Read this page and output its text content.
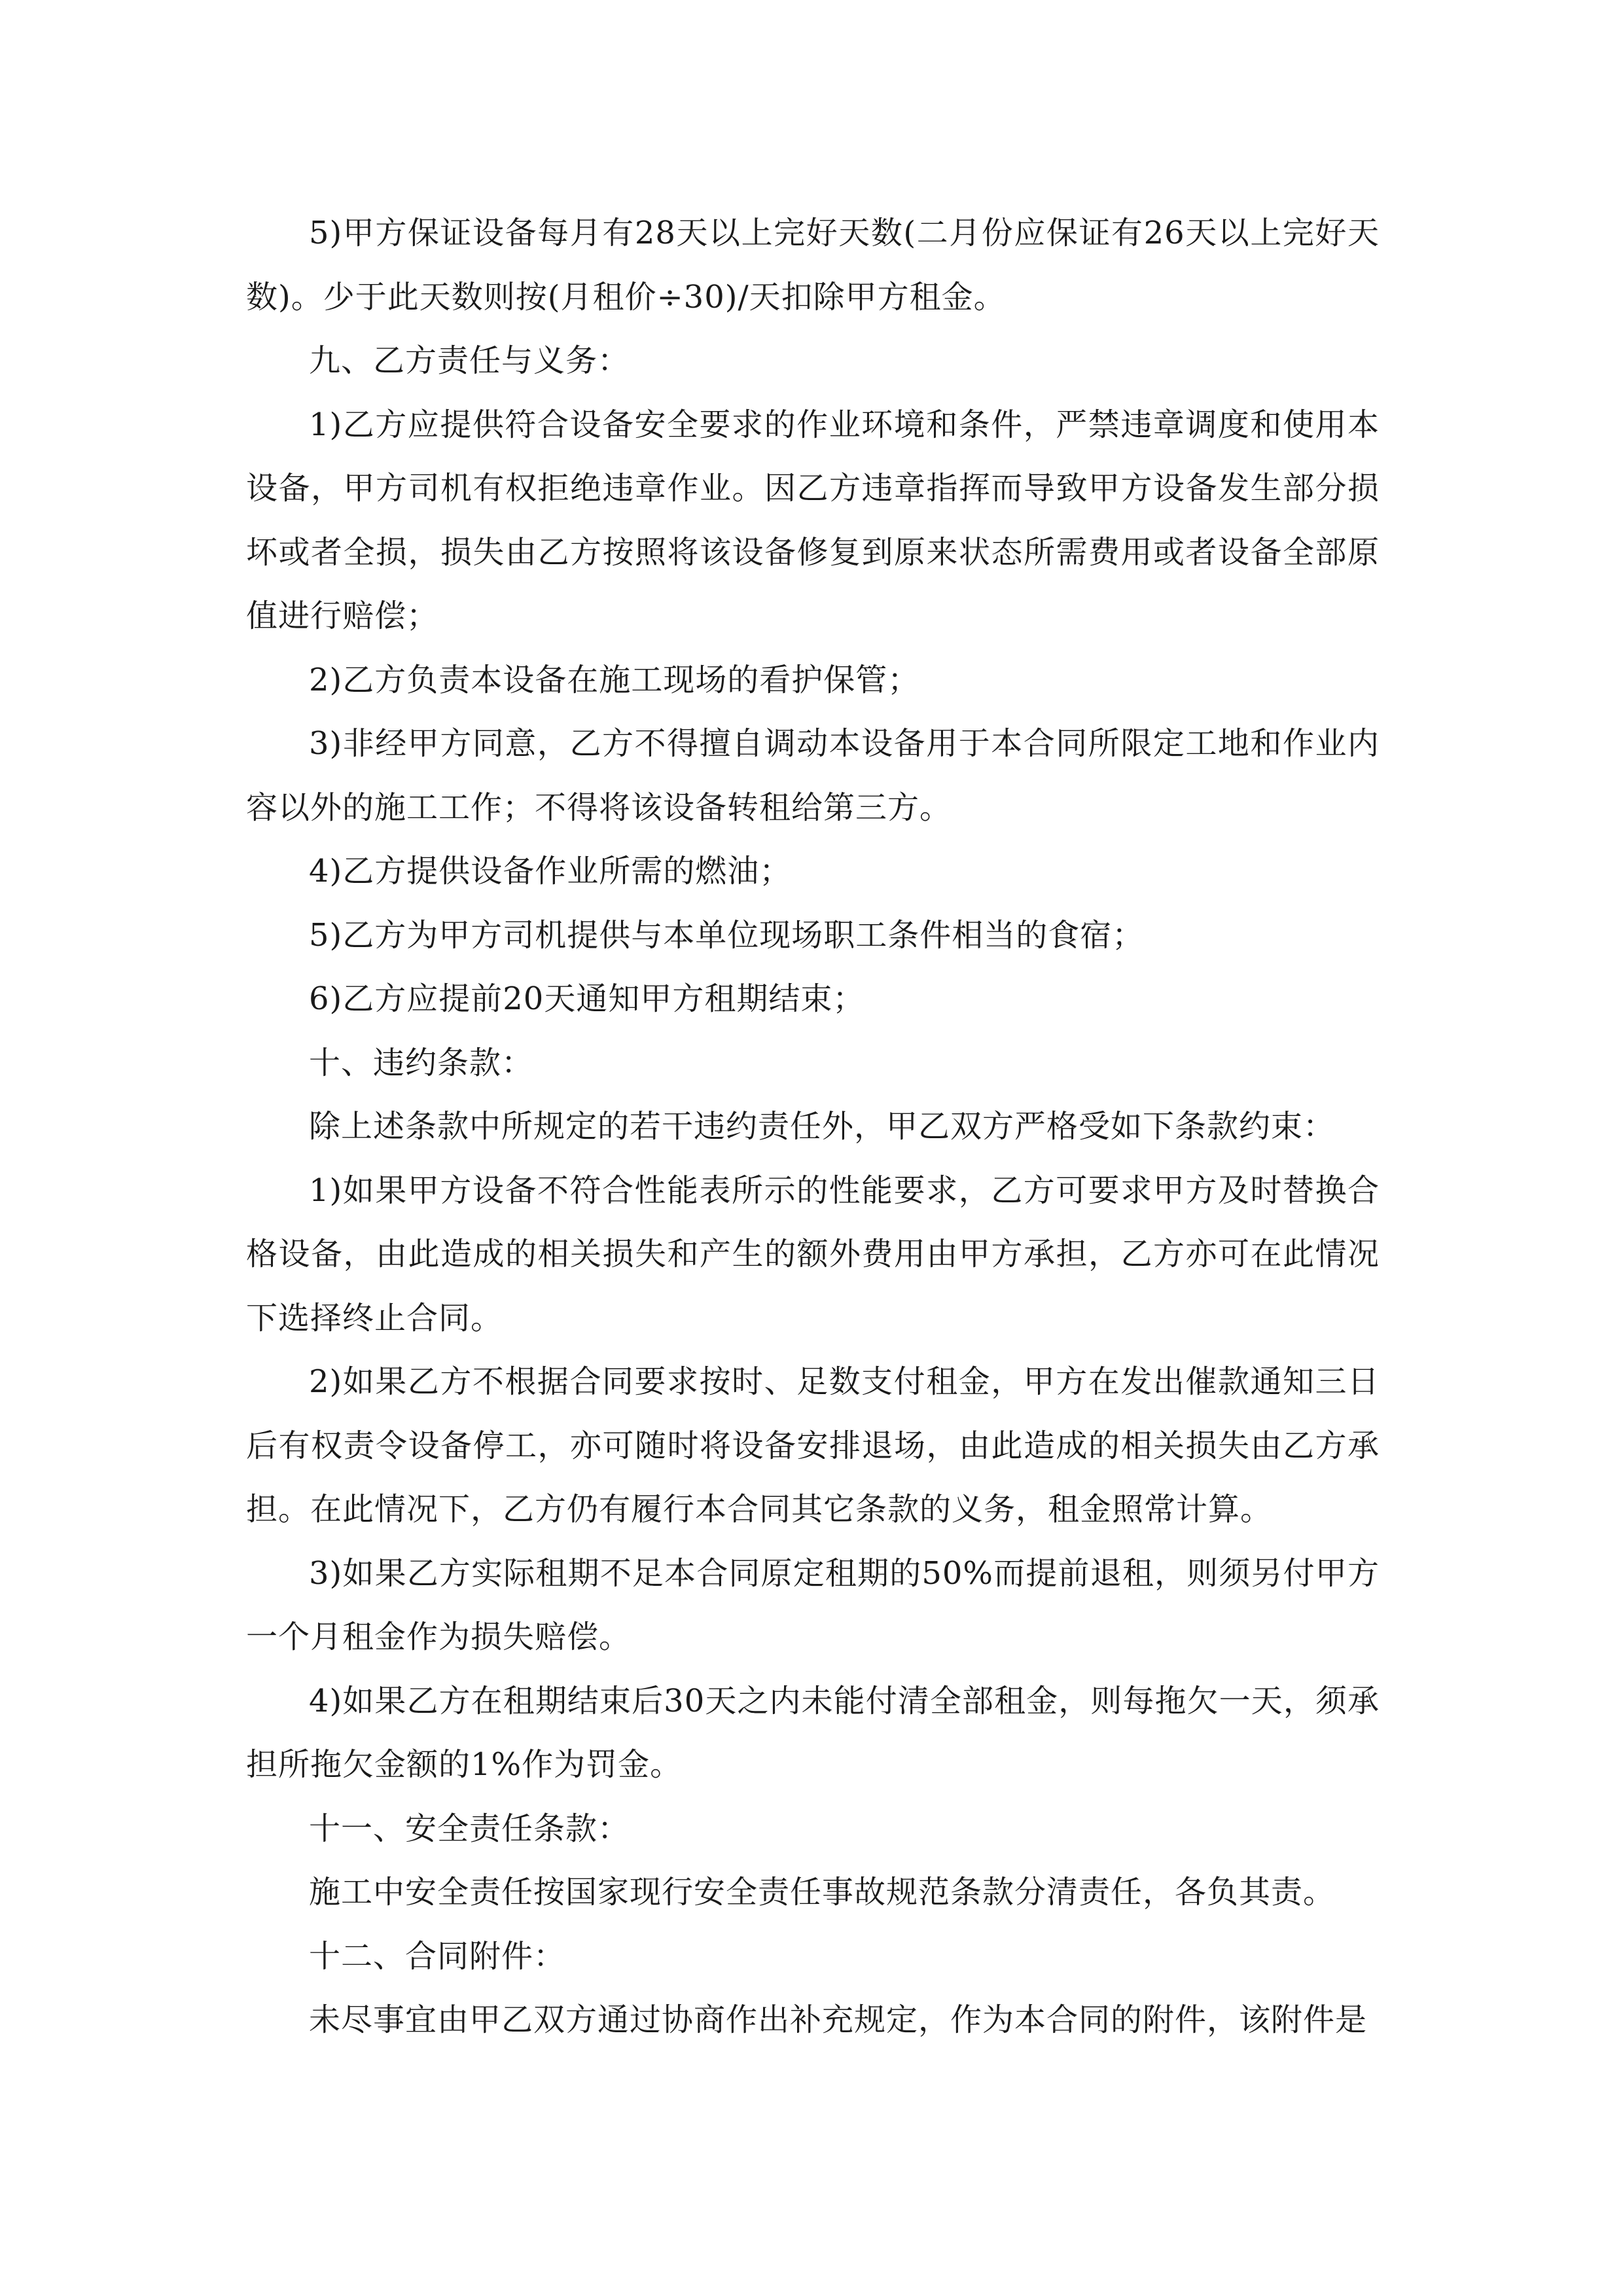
5)甲方保证设备每月有28天以上完好天数(二月份应保证有26天以上完好天数)。少于此天数则按(月租价÷30)/天扣除甲方租金。

九、乙方责任与义务：

1)乙方应提供符合设备安全要求的作业环境和条件，严禁违章调度和使用本设备，甲方司机有权拒绝违章作业。因乙方违章指挥而导致甲方设备发生部分损坏或者全损，损失由乙方按照将该设备修复到原来状态所需费用或者设备全部原值进行赔偿；

2)乙方负责本设备在施工现场的看护保管；

3)非经甲方同意，乙方不得擅自调动本设备用于本合同所限定工地和作业内容以外的施工工作；不得将该设备转租给第三方。

4)乙方提供设备作业所需的燃油；

5)乙方为甲方司机提供与本单位现场职工条件相当的食宿；

6)乙方应提前20天通知甲方租期结束；

十、违约条款：

除上述条款中所规定的若干违约责任外，甲乙双方严格受如下条款约束：

1)如果甲方设备不符合性能表所示的性能要求，乙方可要求甲方及时替换合格设备，由此造成的相关损失和产生的额外费用由甲方承担，乙方亦可在此情况下选择终止合同。

2)如果乙方不根据合同要求按时、足数支付租金，甲方在发出催款通知三日后有权责令设备停工，亦可随时将设备安排退场，由此造成的相关损失由乙方承担。在此情况下，乙方仍有履行本合同其它条款的义务，租金照常计算。

3)如果乙方实际租期不足本合同原定租期的50%而提前退租，则须另付甲方一个月租金作为损失赔偿。

4)如果乙方在租期结束后30天之内未能付清全部租金，则每拖欠一天，须承担所拖欠金额的1%作为罚金。

十一、安全责任条款：

施工中安全责任按国家现行安全责任事故规范条款分清责任，各负其责。

十二、合同附件：

未尽事宜由甲乙双方通过协商作出补充规定，作为本合同的附件，该附件是
